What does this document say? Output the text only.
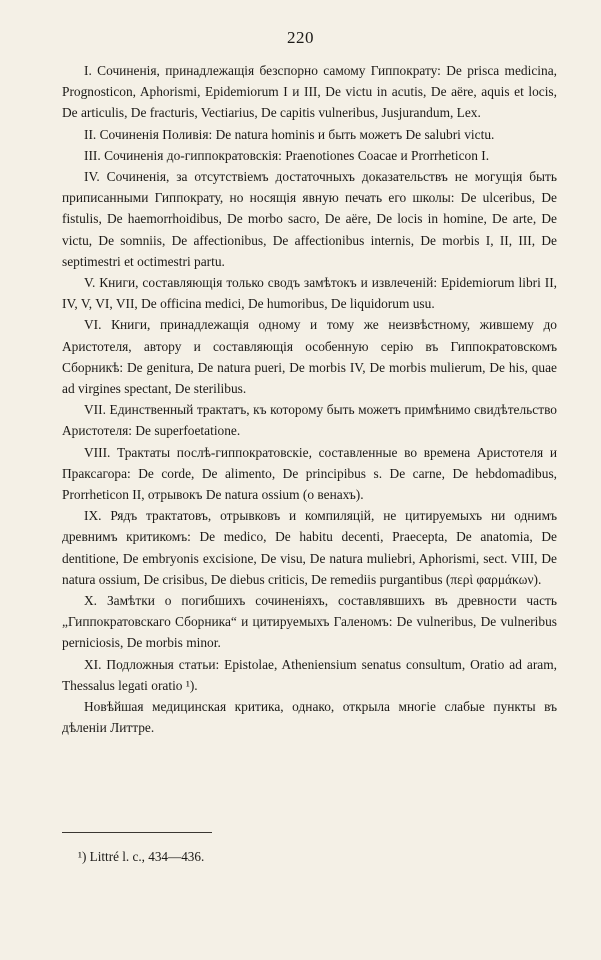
220

I. Сочиненія, принадлежащія безспорно самому Гиппократу: De prisca medicina, Prognosticon, Aphorismi, Epidemiorum I и III, De victu in acutis, De aëre, aquis et locis, De articulis, De fracturis, Vectiarius, De capitis vulneribus, Jusjurandum, Lex.

II. Сочиненія Поливія: De natura hominis и быть можетъ De salubri victu.

III. Сочиненія до-гиппократовскія: Praenotiones Coacae и Prorrheticon I.

IV. Сочиненія, за отсутствіемъ достаточныхъ доказательствъ не могущія быть приписанными Гиппократу, но носящія явную печать его школы: De ulceribus, De fistulis, De haemorrhoidibus, De morbo sacro, De aëre, De locis in homine, De arte, De victu, De somniis, De affectionibus, De affectionibus internis, De morbis I, II, III, De septimestri et octimestri partu.

V. Книги, составляющія только сводъ замѣтокъ и извлеченій: Epidemiorum libri II, IV, V, VI, VII, De officina medici, De humoribus, De liquidorum usu.

VI. Книги, принадлежащія одному и тому же неизвѣстному, жившему до Аристотеля, автору и составляющія особенную серію въ Гиппократовскомъ Сборникѣ: De genitura, De natura pueri, De morbis IV, De morbis mulierum, De his, quae ad virgines spectant, De sterilibus.

VII. Единственный трактатъ, къ которому быть можетъ примѣнимо свидѣтельство Аристотеля: De superfoetatione.

VIII. Трактаты послѣ-гиппократовскіе, составленные во времена Аристотеля и Праксагора: De corde, De alimento, De principibus s. De carne, De hebdomadibus, Prorrheticon II, отрывокъ De natura ossium (о венахъ).

IX. Рядъ трактатовъ, отрывковъ и компиляцій, не цитируемыхъ ни однимъ древнимъ критикомъ: De medico, De habitu decenti, Praecepta, De anatomia, De dentitione, De embryonis excisione, De visu, De natura muliebri, Aphorismi, sect. VIII, De natura ossium, De crisibus, De diebus criticis, De remediis purgantibus (περὶ φαρμάκων).

X. Замѣтки о погибшихъ сочиненіяхъ, составлявшихъ въ древности часть „Гиппократовскаго Сборника“ и цитируемыхъ Галеномъ: De vulneribus, De vulneribus perniciosis, De morbis minor.

XI. Подложныя статьи: Epistolae, Atheniensium senatus consultum, Oratio ad aram, Thessalus legati oratio ¹).

Новѣйшая медицинская критика, однако, открыла многіе слабые пункты въ дѣленіи Литтре.

¹) Littré l. c., 434—436.
